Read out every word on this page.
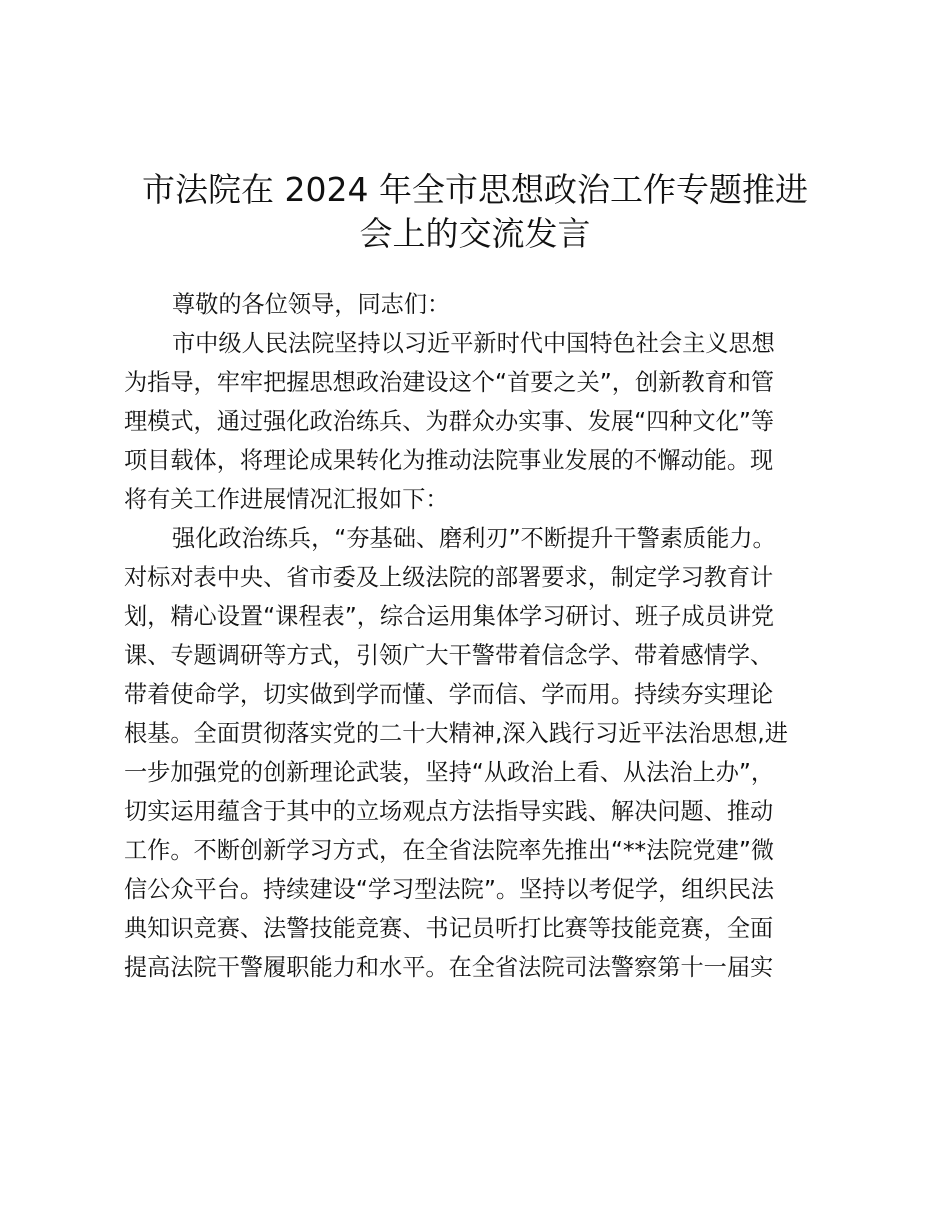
市法院在 2024 年全市思想政治工作专题推进
会上的交流发言
尊敬的各位领导，同志们：
市中级人民法院坚持以习近平新时代中国特色社会主义思想
为指导，牢牢把握思想政治建设这个“首要之关”，创新教育和管
理模式，通过强化政治练兵、为群众办实事、发展“四种文化”等
项目载体，将理论成果转化为推动法院事业发展的不懈动能。现
将有关工作进展情况汇报如下：
强化政治练兵，“夯基础、磨利刃”不断提升干警素质能力。
对标对表中央、省市委及上级法院的部署要求，制定学习教育计
划，精心设置“课程表”，综合运用集体学习研讨、班子成员讲党
课、专题调研等方式，引领广大干警带着信念学、带着感情学、
带着使命学，切实做到学而懂、学而信、学而用。持续夯实理论
根基。全面贯彻落实党的二十大精神,深入践行习近平法治思想,进
一步加强党的创新理论武装，坚持“从政治上看、从法治上办”，
切实运用蕴含于其中的立场观点方法指导实践、解决问题、推动
工作。不断创新学习方式，在全省法院率先推出“**法院党建”微
信公众平台。持续建设“学习型法院”。坚持以考促学，组织民法
典知识竞赛、法警技能竞赛、书记员听打比赛等技能竞赛，全面
提高法院干警履职能力和水平。在全省法院司法警察第十一届实
